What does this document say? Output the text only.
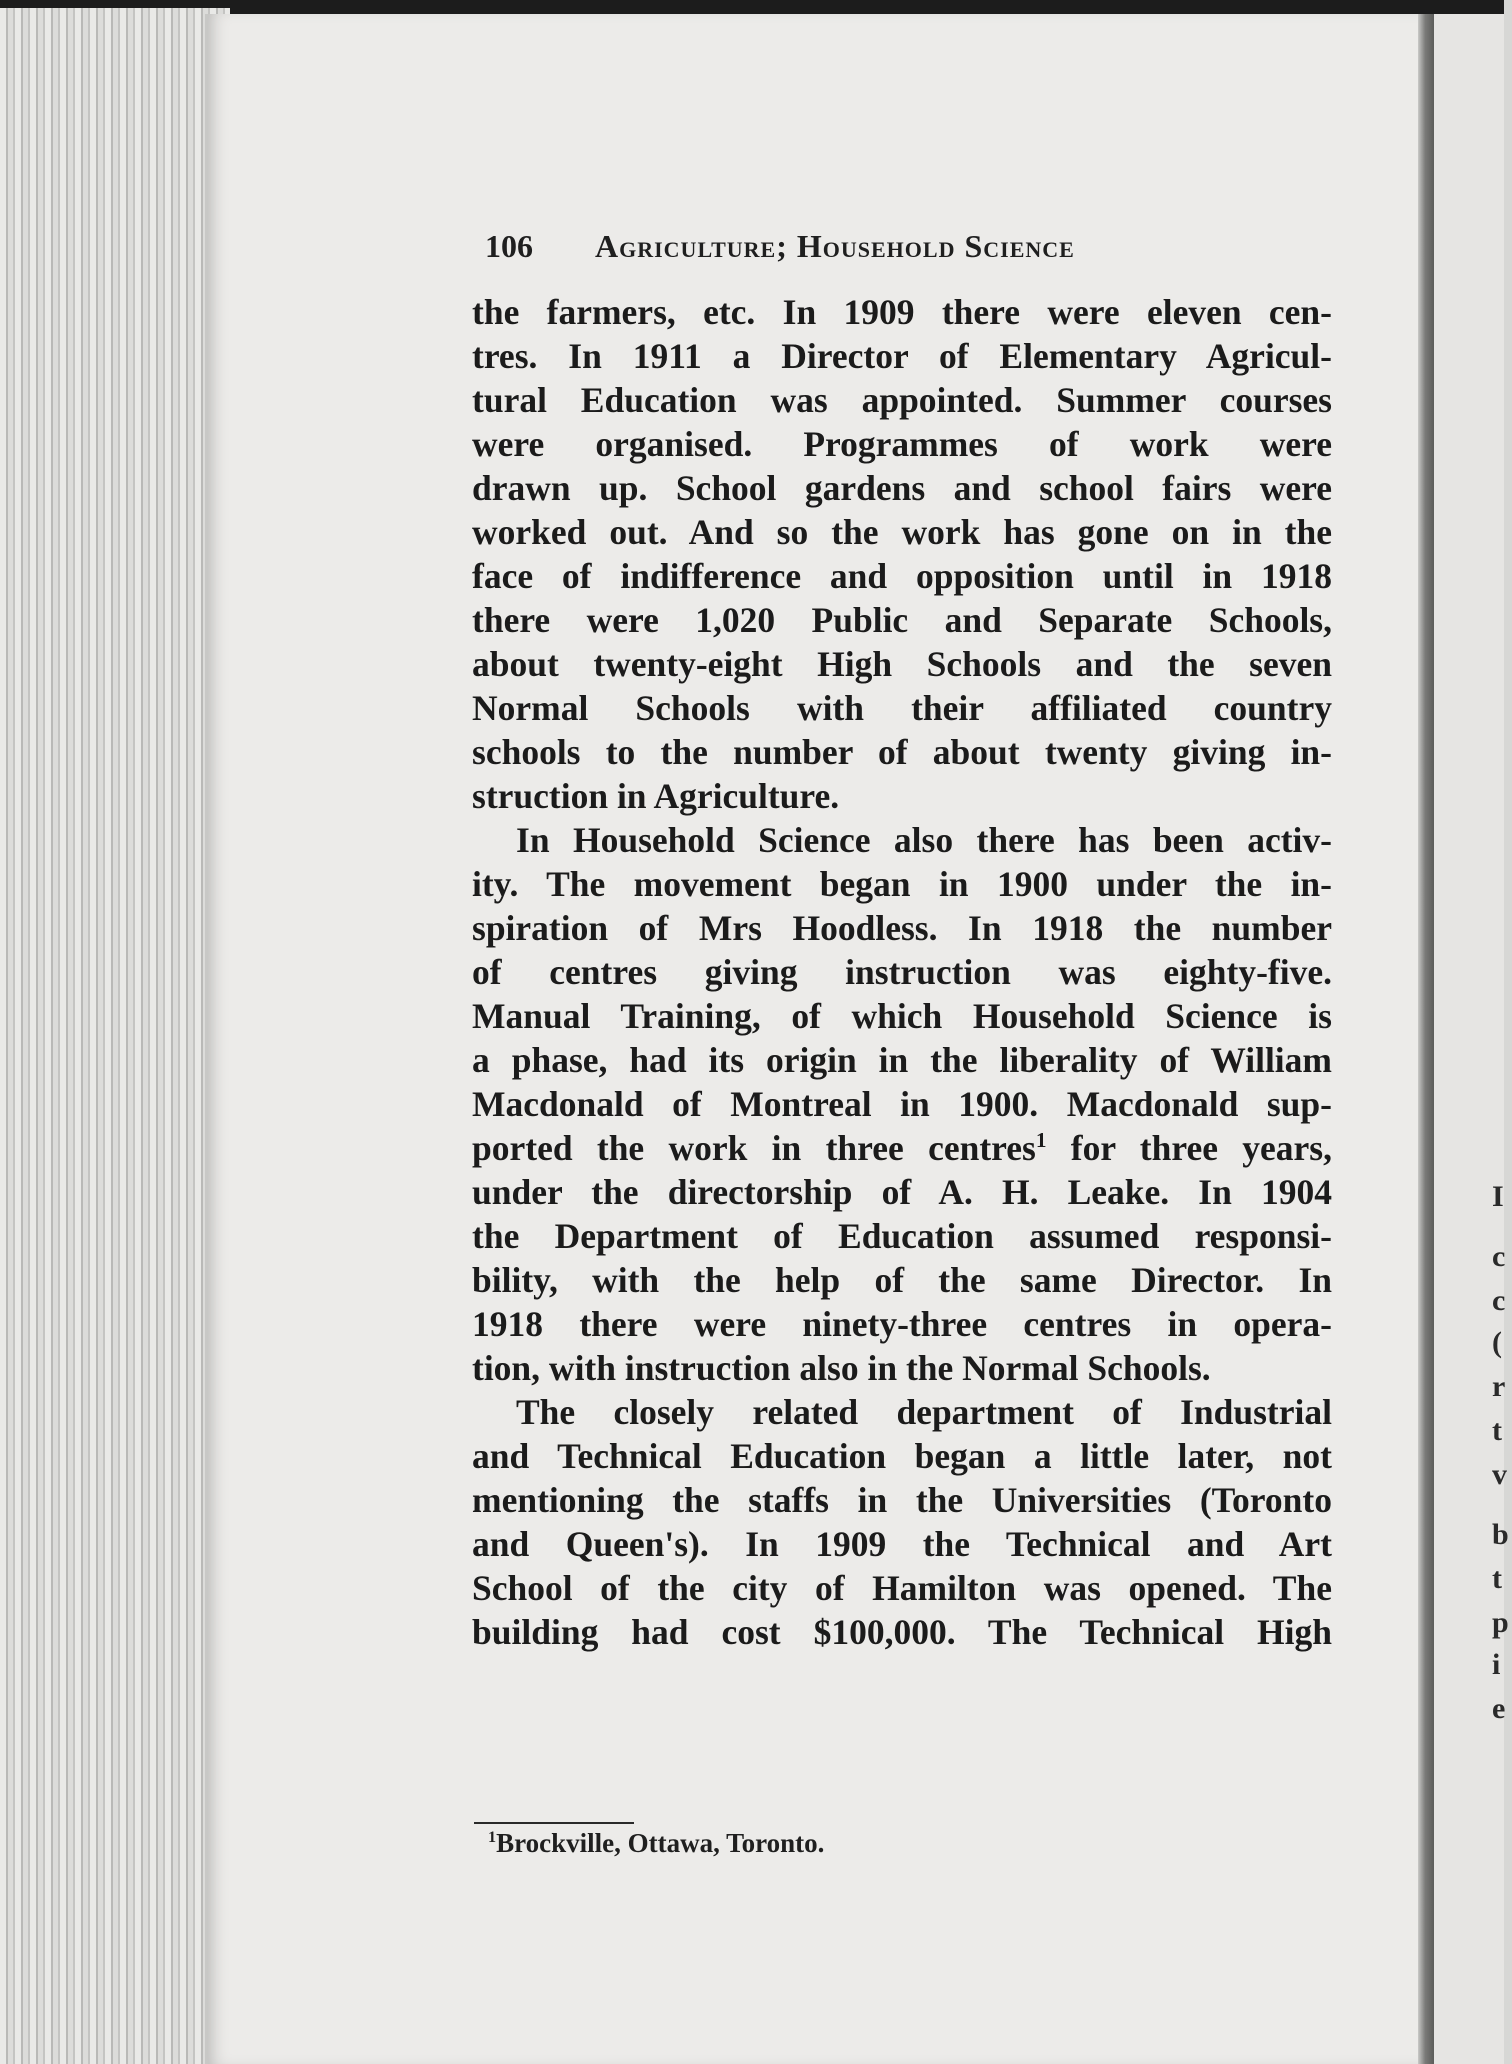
106 Agriculture; Household Science
the farmers, etc. In 1909 there were eleven cen-
tres. In 1911 a Director of Elementary Agricul-
tural Education was appointed. Summer courses
were organised. Programmes of work were
drawn up. School gardens and school fairs were
worked out. And so the work has gone on in the
face of indifference and opposition until in 1918
there were 1,020 Public and Separate Schools,
about twenty-eight High Schools and the seven
Normal Schools with their affiliated country
schools to the number of about twenty giving in-
struction in Agriculture.
In Household Science also there has been activ-
ity. The movement began in 1900 under the in-
spiration of Mrs Hoodless. In 1918 the number
of centres giving instruction was eighty-five.
Manual Training, of which Household Science is
a phase, had its origin in the liberality of William
Macdonald of Montreal in 1900. Macdonald sup-
ported the work in three centres$^1$ for three years,
under the directorship of A. H. Leake. In 1904
the Department of Education assumed responsi-
bility, with the help of the same Director. In
1918 there were ninety-three centres in opera-
tion, with instruction also in the Normal Schools.
The closely related department of Industrial
and Technical Education began a little later, not
mentioning the staffs in the Universities (Toronto
and Queen's). In 1909 the Technical and Art
School of the city of Hamilton was opened. The
building had cost $100,000. The Technical High
$^1$Brockville, Ottawa, Toronto.
I
c
c
(
r
t
v
b
t
p
i
e
